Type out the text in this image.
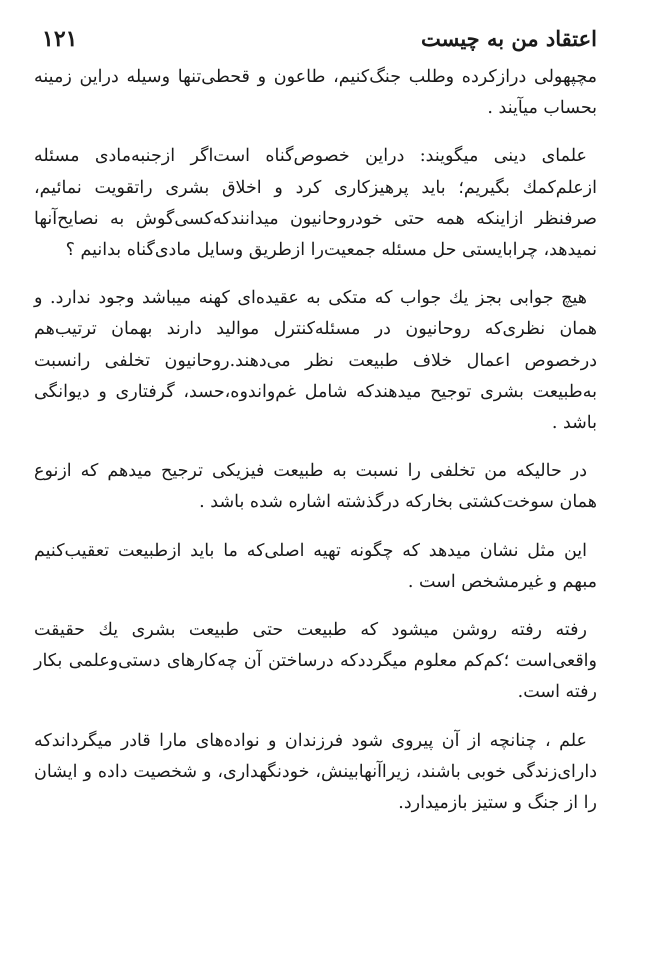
اعتقاد من به چیست
۱۲۱

مچپهولی درازکرده وطلب جنگ‌کنیم، طاعون و قحطی‌تنها وسیله دراین زمینه بحساب میآیند .

علمای دینی میگویند: دراین خصوص‌گناه است‌اگر ازجنبه‌مادی مسئله ازعلم‌کمك بگیریم؛ باید پرهیزکاری کرد و اخلاق بشری راتقویت نمائیم، صرفنظر ازاینکه همه حتی خودروحانیون میدانندکه‌کسی‌گوش به نصایح‌آنها نمیدهد، چرابایستی حل مسئله جمعیت‌را ازطریق وسایل مادی‌گناه بدانیم ؟

هیچ جوابی بجز یك جواب که متکی به عقیده‌ای کهنه میباشد وجود ندارد. و همان نظری‌که روحانیون در مسئله‌کنترل موالید دارند بهمان ترتیب‌هم درخصوص اعمال خلاف طبیعت نظر می‌دهند.روحانیون تخلفی رانسبت به‌طبیعت بشری توجیح میدهندکه شامل غم‌واندوه،حسد، گرفتاری و دیوانگی باشد .

در حالیکه من تخلفی را نسبت به طبیعت فیزیکی ترجیح میدهم که ازنوع همان سوخت‌کشتی بخارکه درگذشته اشاره شده باشد .

این مثل نشان میدهد که چگونه تهیه اصلی‌که ما باید ازطبیعت تعقیب‌کنیم مبهم و غیرمشخص است .

رفته رفته روشن میشود که طبیعت حتی طبیعت بشری یك حقیقت واقعی‌است ؛کم‌کم معلوم میگرددکه درساختن آن چه‌کارهای دستی‌وعلمی بکار رفته است.

علم ، چنانچه از آن پیروی شود فرزندان و نواده‌های مارا قادر میگرداندکه دارای‌زندگی خوبی باشند، زیرا‌آنهابینش، خودنگهداری، و شخصیت داده و ایشان را از جنگ و ستیز بازمیدارد.
